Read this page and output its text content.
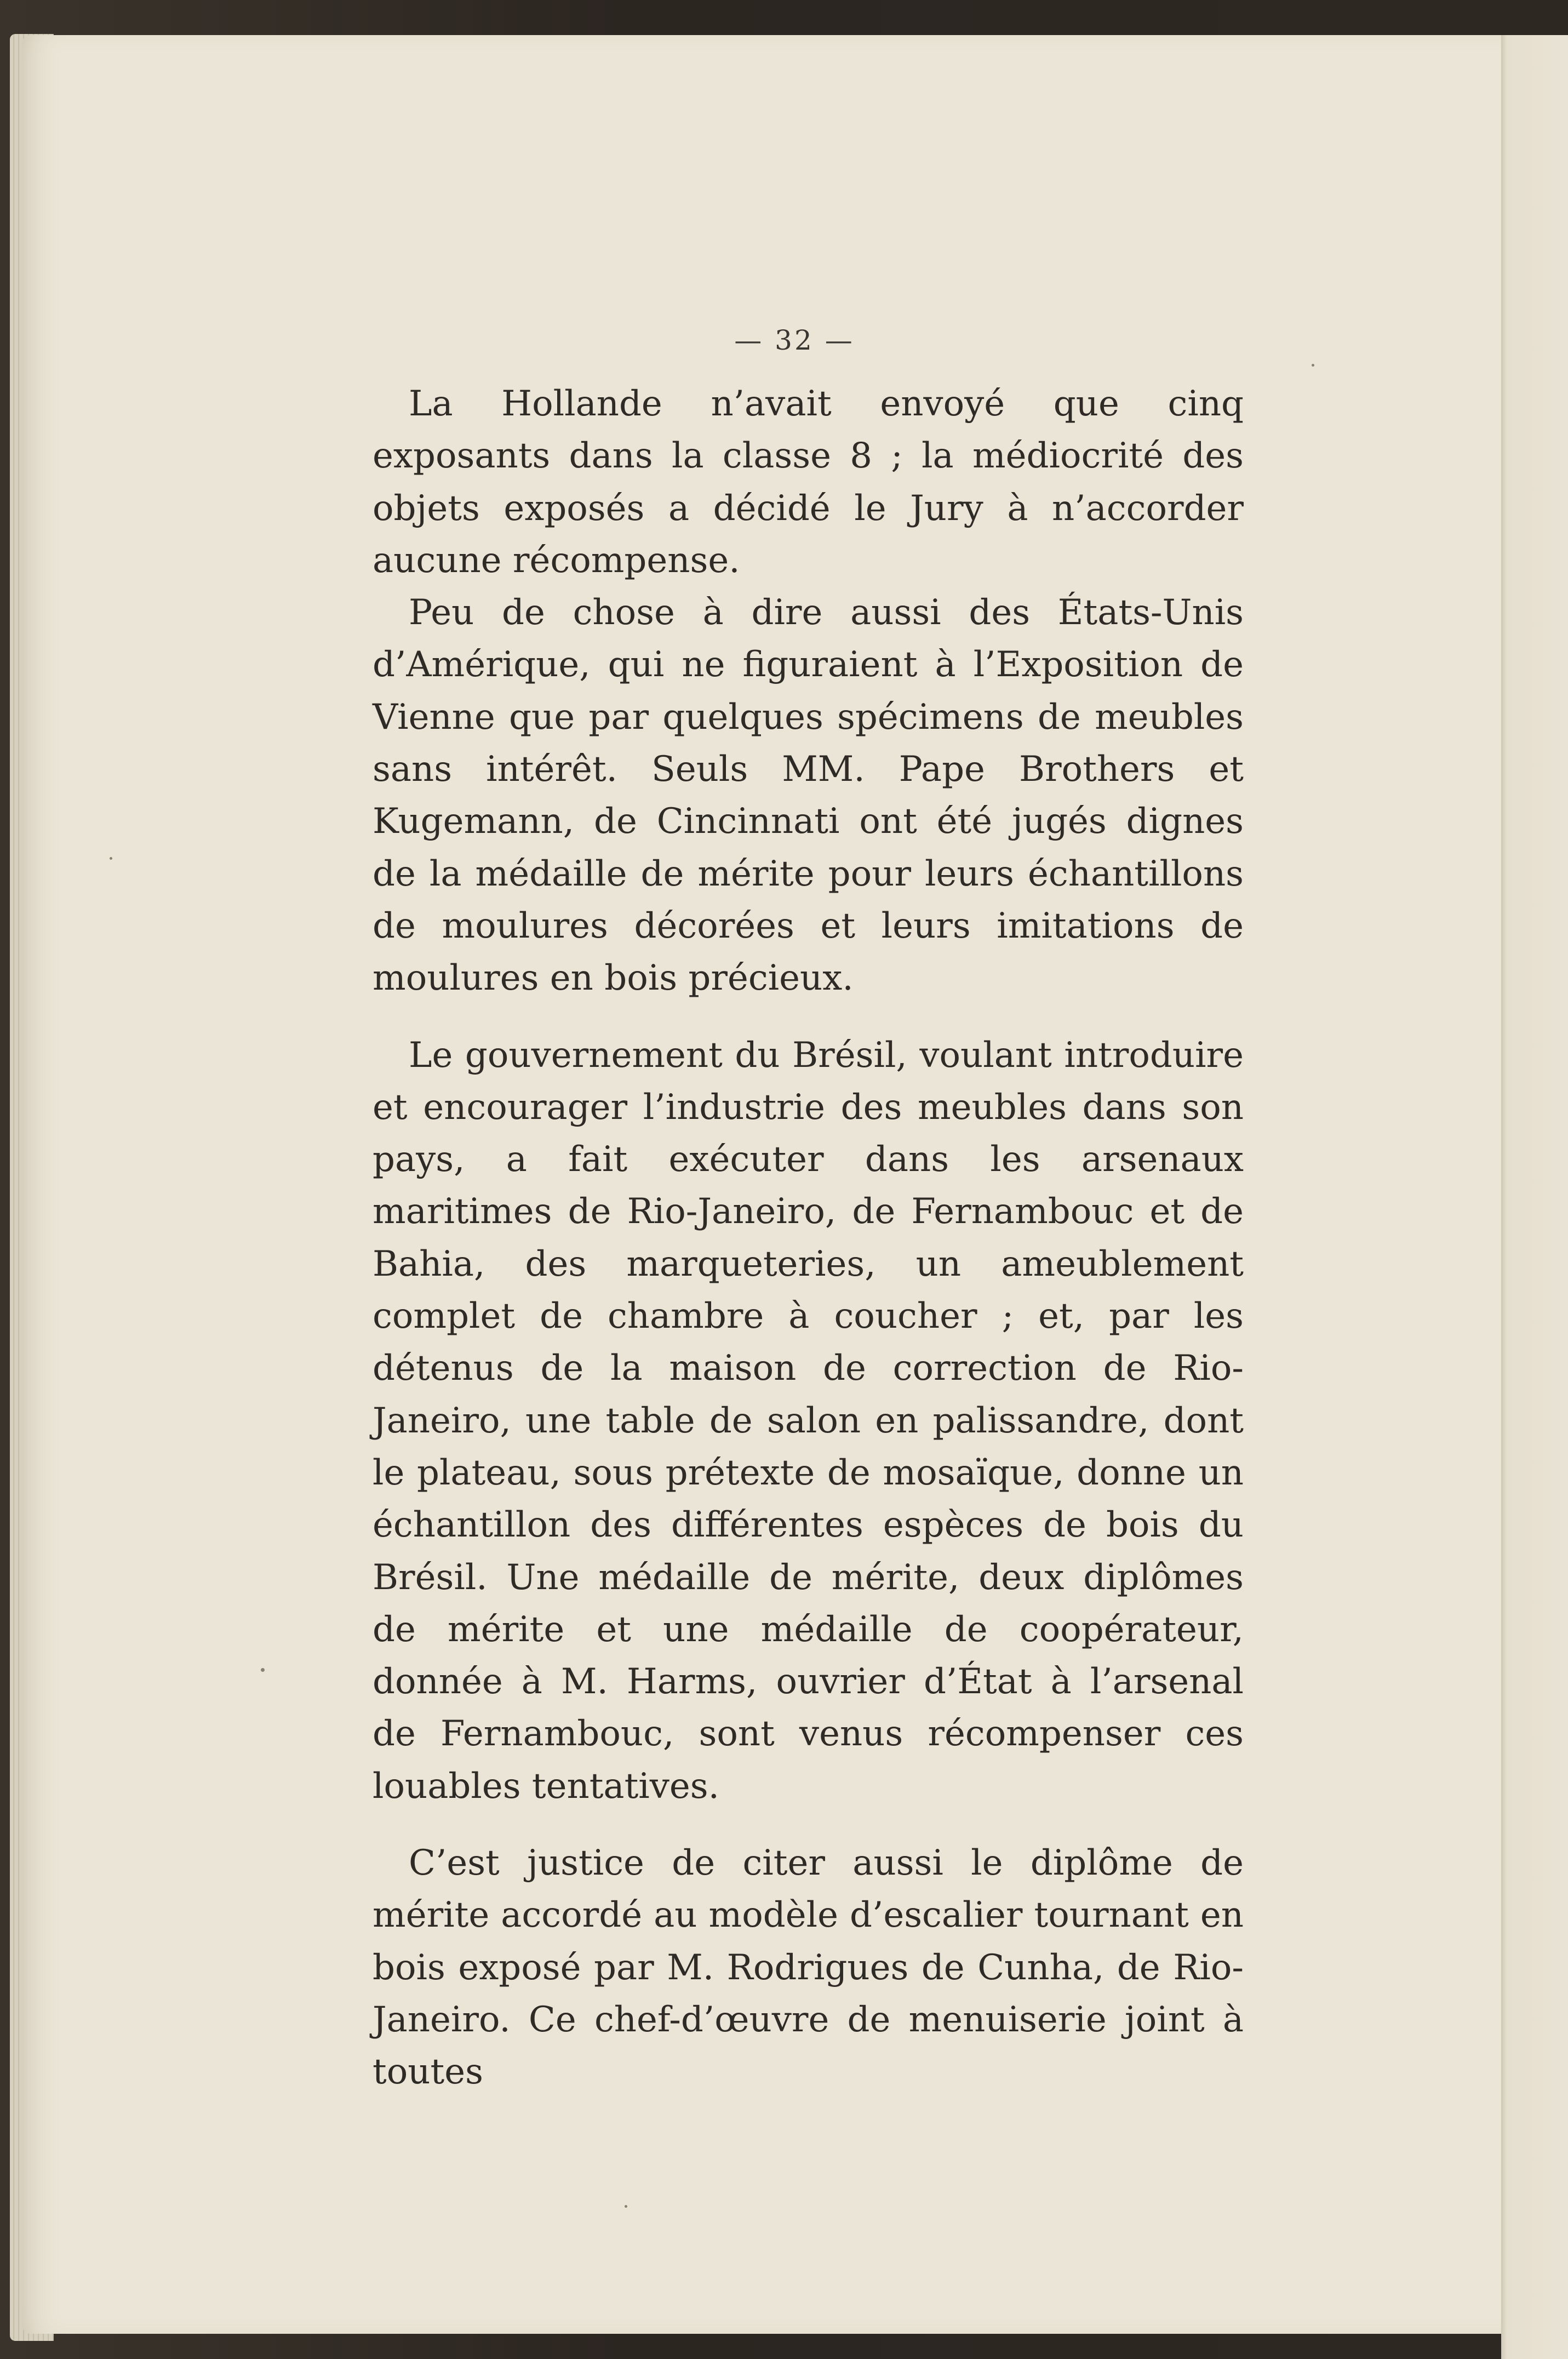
— 32 —

La Hollande n’avait envoyé que cinq exposants dans la classe 8 ; la médiocrité des objets exposés a décidé le Jury à n’accorder aucune récompense.

Peu de chose à dire aussi des États-Unis d’Amérique, qui ne figuraient à l’Exposition de Vienne que par quelques spécimens de meubles sans intérêt. Seuls MM. Pape Brothers et Kugemann, de Cincinnati ont été jugés dignes de la médaille de mérite pour leurs échantillons de moulures décorées et leurs imitations de moulures en bois précieux.

Le gouvernement du Brésil, voulant introduire et encourager l’industrie des meubles dans son pays, a fait exécuter dans les arsenaux maritimes de Rio-Janeiro, de Fernambouc et de Bahia, des marqueteries, un ameublement complet de chambre à coucher ; et, par les détenus de la maison de correction de Rio-Janeiro, une table de salon en palissandre, dont le plateau, sous prétexte de mosaïque, donne un échantillon des différentes espèces de bois du Brésil. Une médaille de mérite, deux diplômes de mérite et une médaille de coopérateur, donnée à M. Harms, ouvrier d’État à l’arsenal de Fernambouc, sont venus récompenser ces louables tentatives.

C’est justice de citer aussi le diplôme de mérite accordé au modèle d’escalier tournant en bois exposé par M. Rodrigues de Cunha, de Rio-Janeiro. Ce chef-d’œuvre de menuiserie joint à toutes
